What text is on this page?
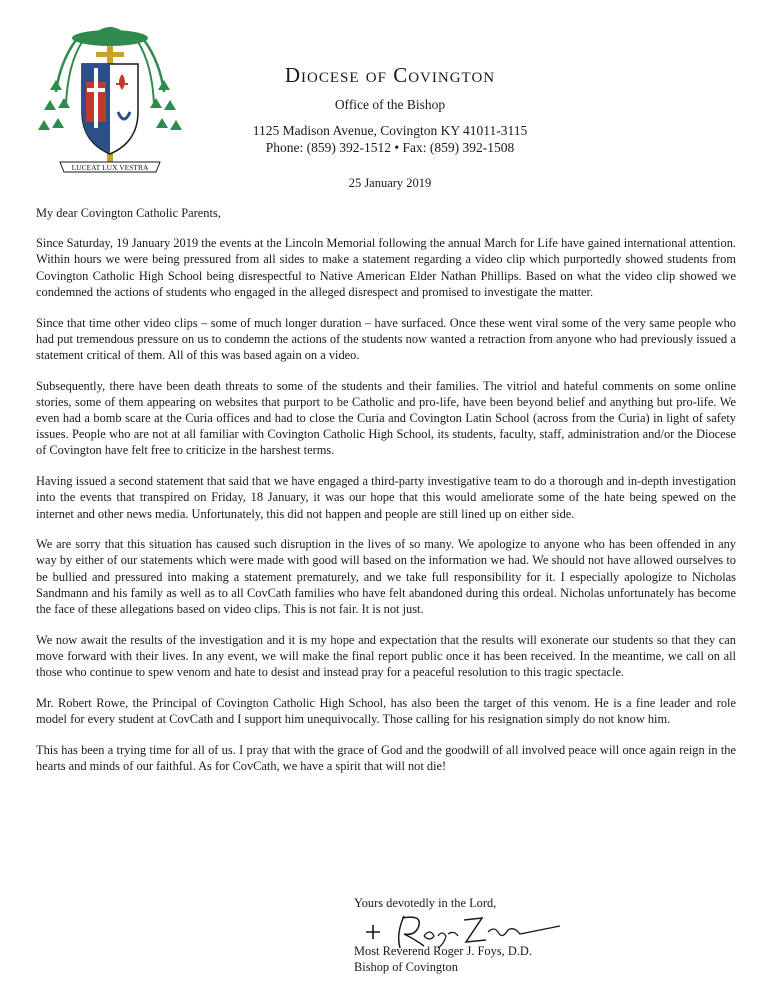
LUCEAT LUX VESTRA
Diocese of Covington
Office of the Bishop
1125 Madison Avenue, Covington KY 41011-3115
Phone: (859) 392-1512 • Fax: (859) 392-1508
25 January 2019

My dear Covington Catholic Parents,

Since Saturday, 19 January 2019 the events at the Lincoln Memorial following the annual March for Life have gained international attention. Within hours we were being pressured from all sides to make a statement regarding a video clip which purportedly showed students from Covington Catholic High School being disrespectful to Native American Elder Nathan Phillips. Based on what the video clip showed we condemned the actions of students who engaged in the alleged disrespect and promised to investigate the matter.

Since that time other video clips – some of much longer duration – have surfaced. Once these went viral some of the very same people who had put tremendous pressure on us to condemn the actions of the students now wanted a retraction from anyone who had previously issued a statement critical of them. All of this was based again on a video.

Subsequently, there have been death threats to some of the students and their families. The vitriol and hateful comments on some online stories, some of them appearing on websites that purport to be Catholic and pro-life, have been beyond belief and anything but pro-life. We even had a bomb scare at the Curia offices and had to close the Curia and Covington Latin School (across from the Curia) in light of safety issues. People who are not at all familiar with Covington Catholic High School, its students, faculty, staff, administration and/or the Diocese of Covington have felt free to criticize in the harshest terms.

Having issued a second statement that said that we have engaged a third-party investigative team to do a thorough and in-depth investigation into the events that transpired on Friday, 18 January, it was our hope that this would ameliorate some of the hate being spewed on the internet and other news media. Unfortunately, this did not happen and people are still lined up on either side.

We are sorry that this situation has caused such disruption in the lives of so many. We apologize to anyone who has been offended in any way by either of our statements which were made with good will based on the information we had. We should not have allowed ourselves to be bullied and pressured into making a statement prematurely, and we take full responsibility for it. I especially apologize to Nicholas Sandmann and his family as well as to all CovCath families who have felt abandoned during this ordeal. Nicholas unfortunately has become the face of these allegations based on video clips. This is not fair. It is not just.

We now await the results of the investigation and it is my hope and expectation that the results will exonerate our students so that they can move forward with their lives. In any event, we will make the final report public once it has been received. In the meantime, we call on all those who continue to spew venom and hate to desist and instead pray for a peaceful resolution to this tragic spectacle.

Mr. Robert Rowe, the Principal of Covington Catholic High School, has also been the target of this venom. He is a fine leader and role model for every student at CovCath and I support him unequivocally. Those calling for his resignation simply do not know him.

This has been a trying time for all of us. I pray that with the grace of God and the goodwill of all involved peace will once again reign in the hearts and minds of our faithful. As for CovCath, we have a spirit that will not die!

Yours devotedly in the Lord,
Most Reverend Roger J. Foys, D.D.
Bishop of Covington
